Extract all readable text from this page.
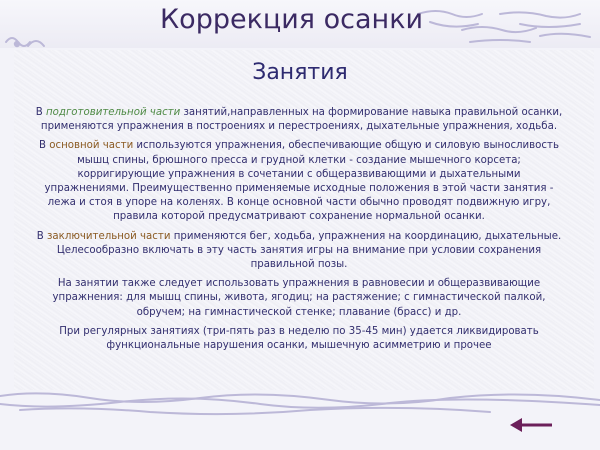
Коррекция осанки
Занятия

В подготовительной части занятий,направленных на формирование навыка правильной осанки, применяются упражнения в построениях и перестроениях, дыхательные упражнения, ходьба.

В основной части используются упражнения, обеспечивающие общую и силовую выносливость мышц спины, брюшного пресса и грудной клетки - создание мышечного корсета; корригирующие упражнения в сочетании с общеразвивающими и дыхательными упражнениями. Преимущественно применяемые исходные положения в этой части занятия - лежа и стоя в упоре на коленях. В конце основной части обычно проводят подвижную игру, правила которой предусматривают сохранение нормальной осанки.

В заключительной части применяются бег, ходьба, упражнения на координацию, дыхательные. Целесообразно включать в эту часть занятия игры на внимание при условии сохранения правильной позы.

На занятии также следует использовать упражнения в равновесии и общеразвивающие упражнения: для мышц спины, живота, ягодиц; на растяжение; с гимнастической палкой, обручем; на гимнастической стенке; плавание (брасс) и др.

При регулярных занятиях (три-пять раз в неделю по 35-45 мин) удается ликвидировать функциональные нарушения осанки, мышечную асимметрию и прочее
